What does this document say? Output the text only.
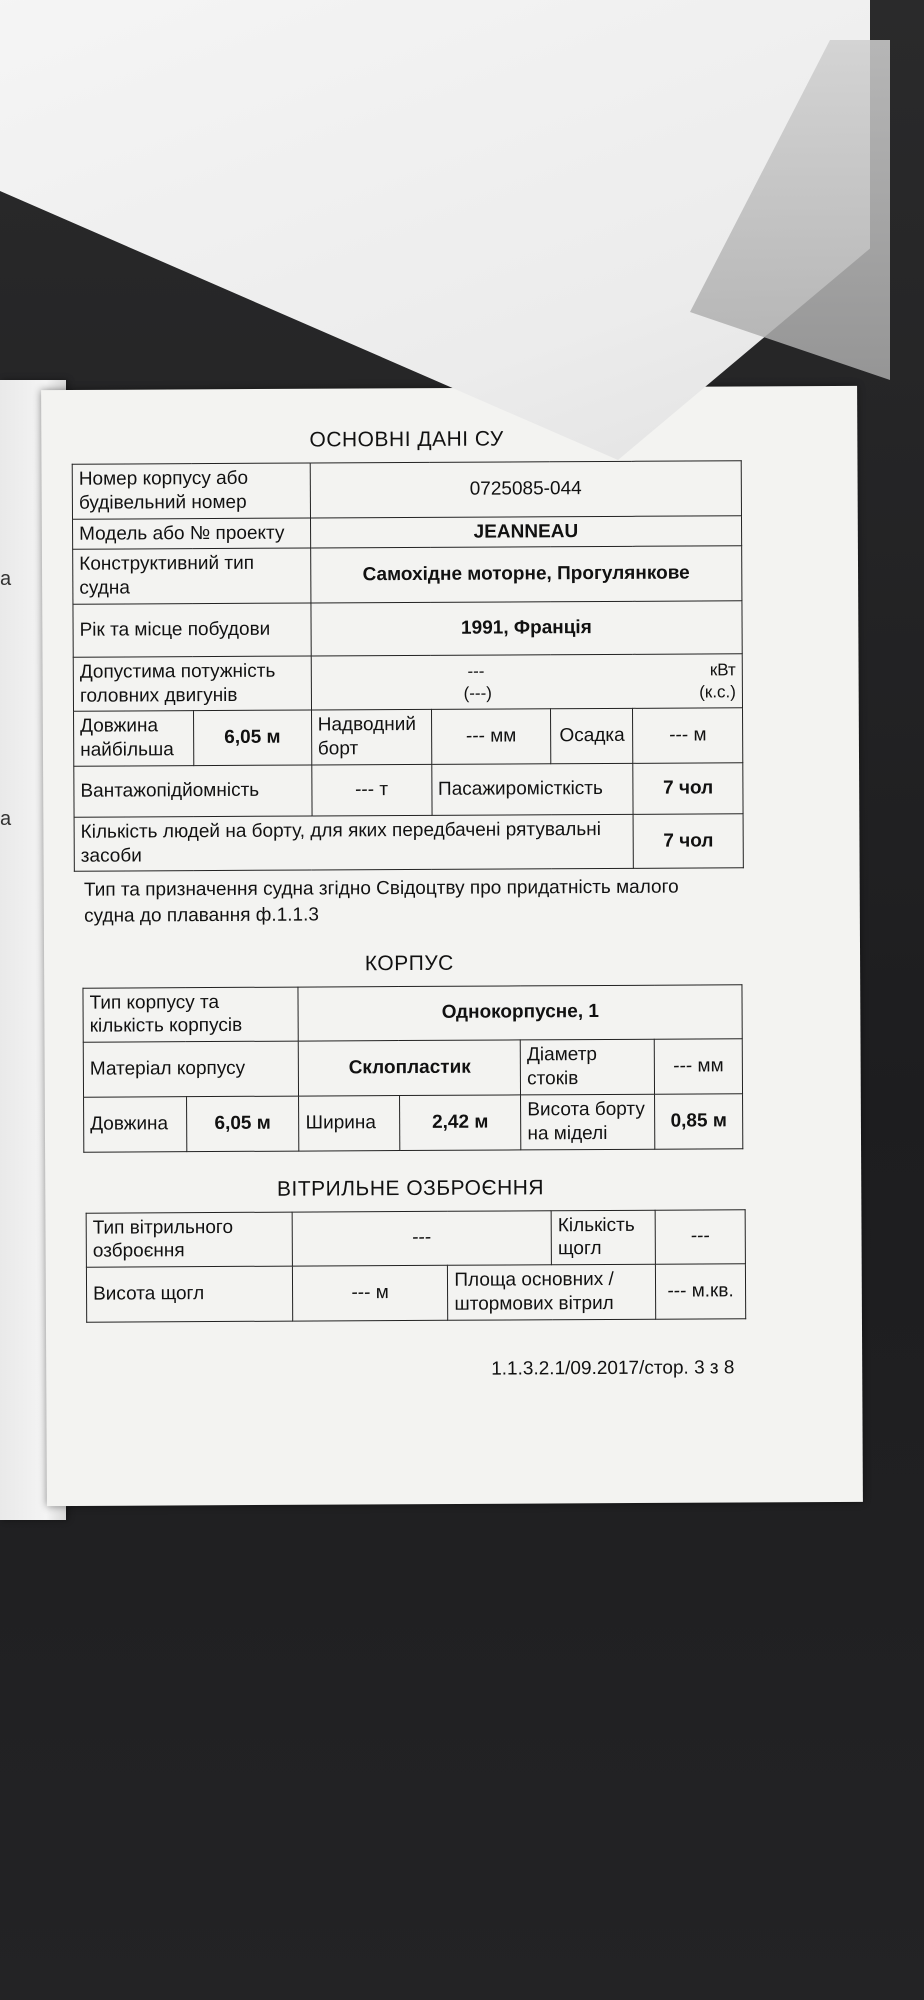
а
а
ОСНОВНІ ДАНІ СУ
Номер корпусу або будівельний номер		0725085-044			
Модель або № проекту		JEANNEAU			
Конструктивний тип судна		Самохідне моторне, Прогулянкове			
Рік та місце побудови		1991, Франція			
Допустима потужність головних двигунів		--- кВт
(---) (к.с.)			

Довжина найбільша	6,05 м	Надводний борт	--- мм	Осадка	--- м
Вантажопідйомність		--- т	Пасажиромісткість		7 чол
Кількість людей на борту, для яких передбачені рятувальні засоби					7 чол
Тип та призначення судна згідно Свідоцтву про придатність малого судна до плавання ф.1.1.3
КОРПУС
Тип корпусу та кількість корпусів		Однокорпусне, 1			
Матеріал корпусу		Склопластик		Діаметр стоків	--- мм
Довжина	6,05 м	Ширина	2,42 м	Висота борту на міделі	0,85 м
ВІТРИЛЬНЕ ОЗБРОЄННЯ
Тип вітрильного озброєння	---		Кількість щогл	---
Висота щогл	--- м	Площа основних / штормових вітрил		--- м.кв.
1.1.3.2.1/09.2017/стор. 3 з 8
